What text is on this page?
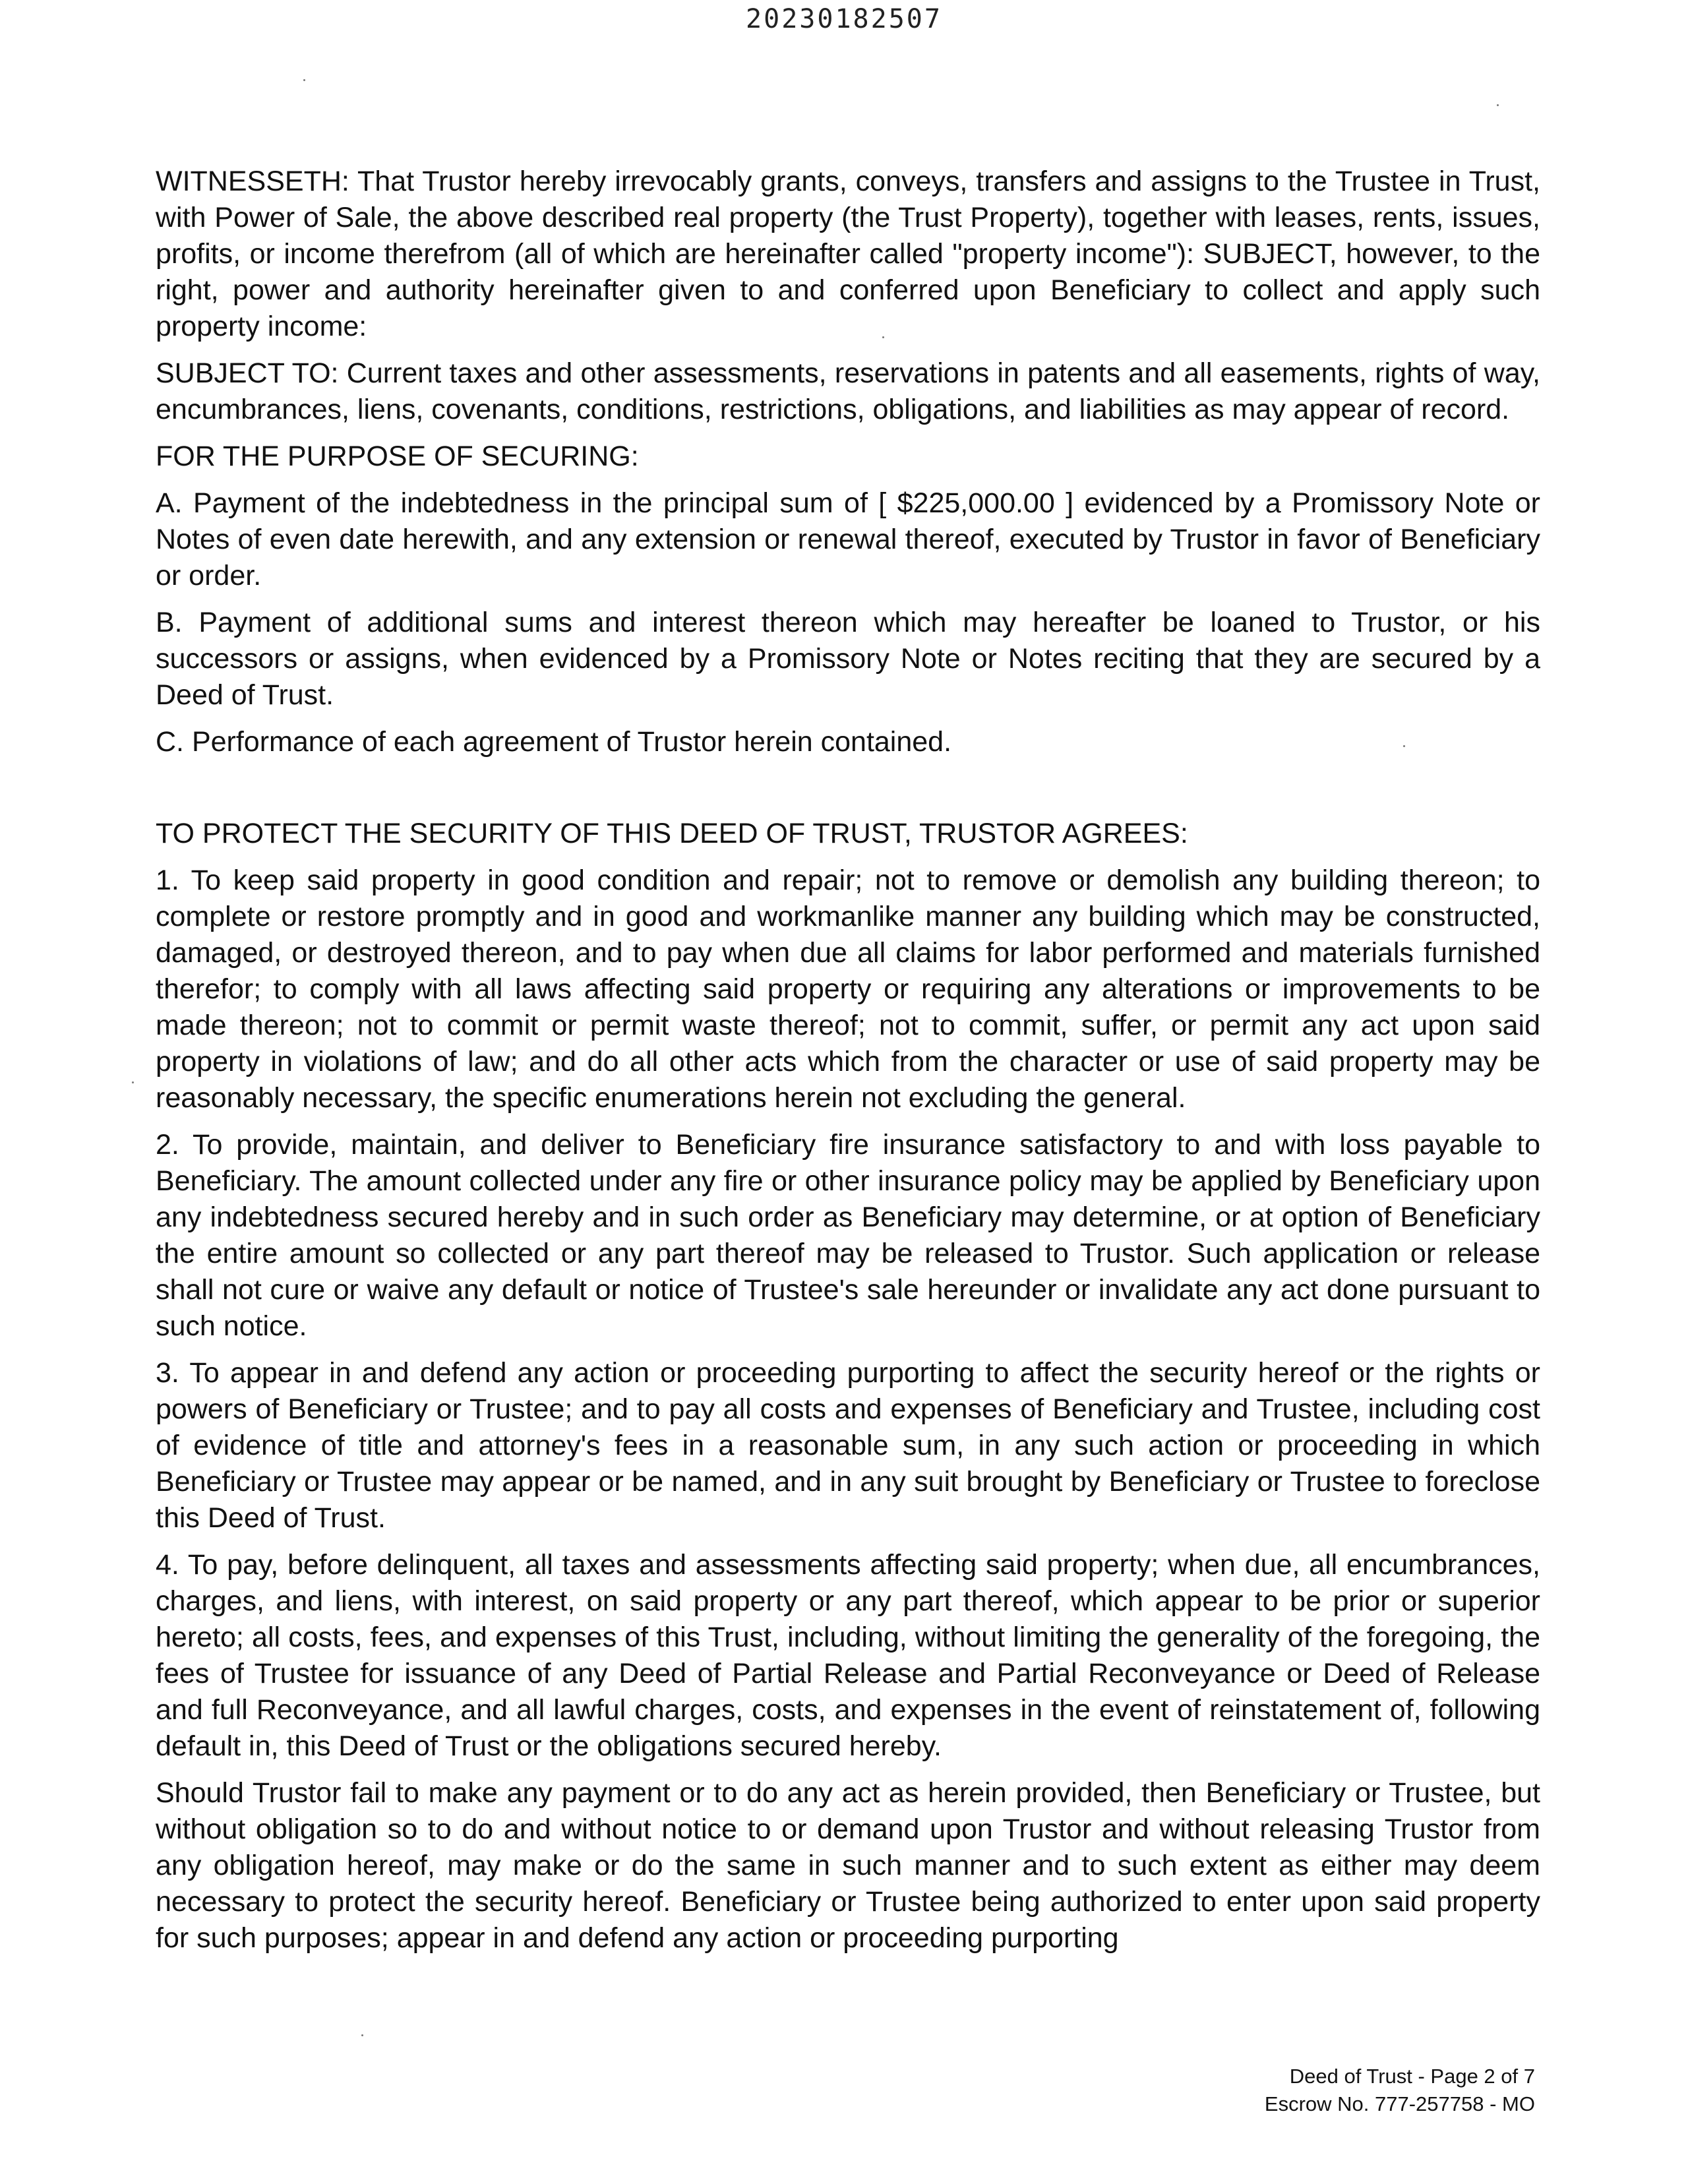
20230182507

WITNESSETH: That Trustor hereby irrevocably grants, conveys, transfers and assigns to the Trustee in Trust, with Power of Sale, the above described real property (the Trust Property), together with leases, rents, issues, profits, or income therefrom (all of which are hereinafter called "property income"): SUBJECT, however, to the right, power and authority hereinafter given to and conferred upon Beneficiary to collect and apply such property income:

SUBJECT TO: Current taxes and other assessments, reservations in patents and all easements, rights of way, encumbrances, liens, covenants, conditions, restrictions, obligations, and liabilities as may appear of record.

FOR THE PURPOSE OF SECURING:

A. Payment of the indebtedness in the principal sum of [ $225,000.00 ] evidenced by a Promissory Note or Notes of even date herewith, and any extension or renewal thereof, executed by Trustor in favor of Beneficiary or order.

B. Payment of additional sums and interest thereon which may hereafter be loaned to Trustor, or his successors or assigns, when evidenced by a Promissory Note or Notes reciting that they are secured by a Deed of Trust.

C. Performance of each agreement of Trustor herein contained.

TO PROTECT THE SECURITY OF THIS DEED OF TRUST, TRUSTOR AGREES:

1. To keep said property in good condition and repair; not to remove or demolish any building thereon; to complete or restore promptly and in good and workmanlike manner any building which may be constructed, damaged, or destroyed thereon, and to pay when due all claims for labor performed and materials furnished therefor; to comply with all laws affecting said property or requiring any alterations or improvements to be made thereon; not to commit or permit waste thereof; not to commit, suffer, or permit any act upon said property in violations of law; and do all other acts which from the character or use of said property may be reasonably necessary, the specific enumerations herein not excluding the general.

2. To provide, maintain, and deliver to Beneficiary fire insurance satisfactory to and with loss payable to Beneficiary. The amount collected under any fire or other insurance policy may be applied by Beneficiary upon any indebtedness secured hereby and in such order as Beneficiary may determine, or at option of Beneficiary the entire amount so collected or any part thereof may be released to Trustor. Such application or release shall not cure or waive any default or notice of Trustee's sale hereunder or invalidate any act done pursuant to such notice.

3. To appear in and defend any action or proceeding purporting to affect the security hereof or the rights or powers of Beneficiary or Trustee; and to pay all costs and expenses of Beneficiary and Trustee, including cost of evidence of title and attorney's fees in a reasonable sum, in any such action or proceeding in which Beneficiary or Trustee may appear or be named, and in any suit brought by Beneficiary or Trustee to foreclose this Deed of Trust.

4. To pay, before delinquent, all taxes and assessments affecting said property; when due, all encumbrances, charges, and liens, with interest, on said property or any part thereof, which appear to be prior or superior hereto; all costs, fees, and expenses of this Trust, including, without limiting the generality of the foregoing, the fees of Trustee for issuance of any Deed of Partial Release and Partial Reconveyance or Deed of Release and full Reconveyance, and all lawful charges, costs, and expenses in the event of reinstatement of, following default in, this Deed of Trust or the obligations secured hereby.

Should Trustor fail to make any payment or to do any act as herein provided, then Beneficiary or Trustee, but without obligation so to do and without notice to or demand upon Trustor and without releasing Trustor from any obligation hereof, may make or do the same in such manner and to such extent as either may deem necessary to protect the security hereof. Beneficiary or Trustee being authorized to enter upon said property for such purposes; appear in and defend any action or proceeding purporting

Deed of Trust - Page 2 of 7
Escrow No. 777-257758 - MO
